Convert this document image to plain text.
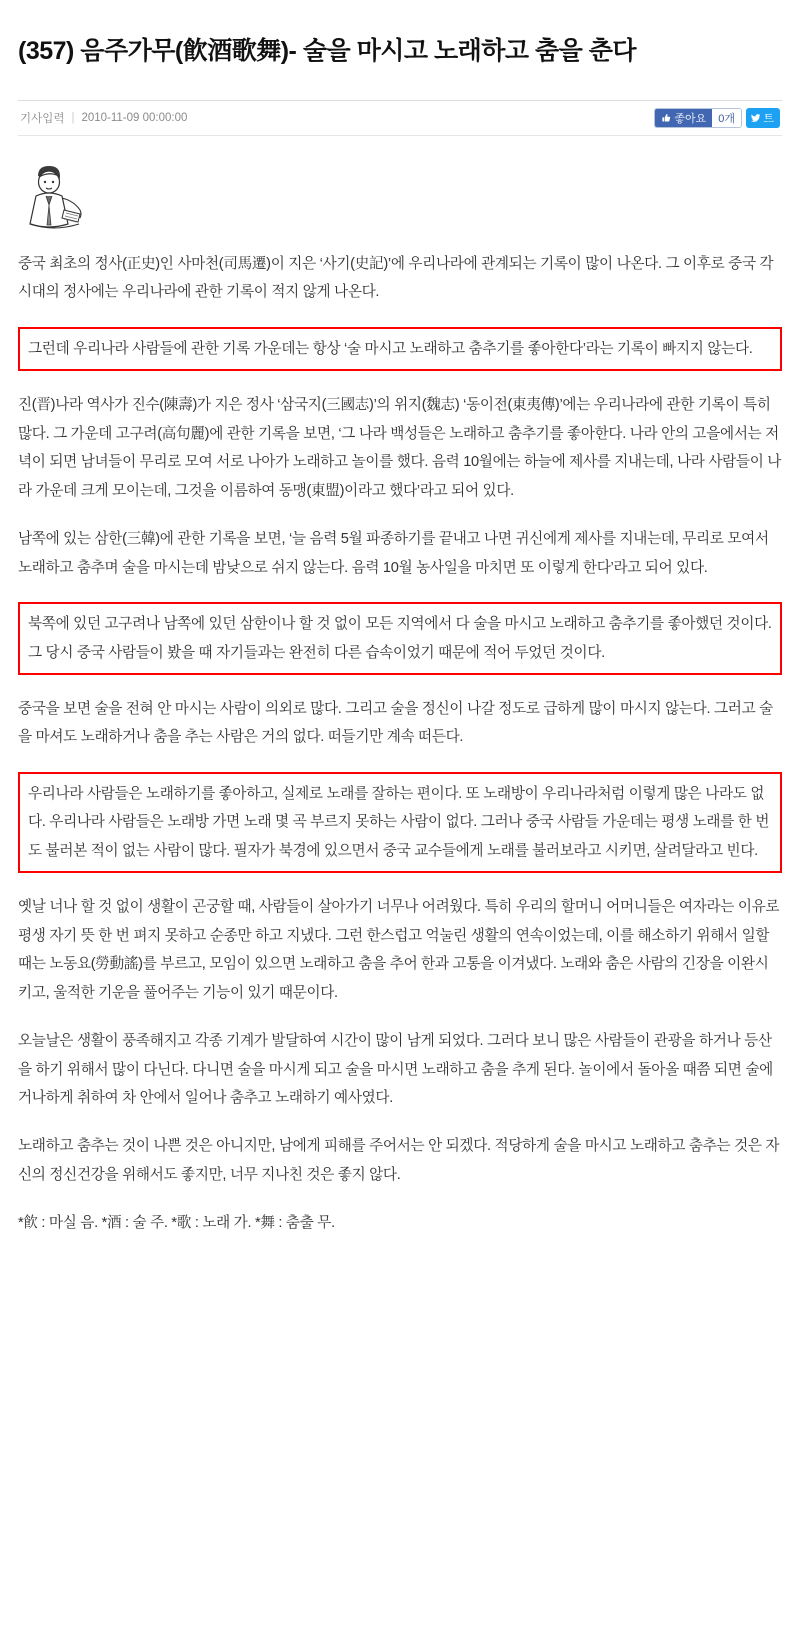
(357) 음주가무(飮酒歌舞)- 술을 마시고 노래하고 춤을 춘다
기사입력 | 2010-11-09 00:00:00	좋아요	0개	트

중국 최초의 정사(正史)인 사마천(司馬遷)이 지은 ‘사기(史記)’에 우리나라에 관계되는 기록이 많이 나온다. 그 이후로 중국 각 시대의 정사에는 우리나라에 관한 기록이 적지 않게 나온다.

그런데 우리나라 사람들에 관한 기록 가운데는 항상 ‘술 마시고 노래하고 춤추기를 좋아한다’라는 기록이 빠지지 않는다.

진(晋)나라 역사가 진수(陳壽)가 지은 정사 ‘삼국지(三國志)’의 위지(魏志) ‘동이전(東夷傳)’에는 우리나라에 관한 기록이 특히 많다. 그 가운데 고구려(高句麗)에 관한 기록을 보면, ‘그 나라 백성들은 노래하고 춤추기를 좋아한다. 나라 안의 고을에서는 저녁이 되면 남녀들이 무리로 모여 서로 나아가 노래하고 놀이를 했다. 음력 10월에는 하늘에 제사를 지내는데, 나라 사람들이 나라 가운데 크게 모이는데, 그것을 이름하여 동맹(東盟)이라고 했다’라고 되어 있다.

남쪽에 있는 삼한(三韓)에 관한 기록을 보면, ‘늘 음력 5월 파종하기를 끝내고 나면 귀신에게 제사를 지내는데, 무리로 모여서 노래하고 춤추며 술을 마시는데 밤낮으로 쉬지 않는다. 음력 10월 농사일을 마치면 또 이렇게 한다’라고 되어 있다.

북쪽에 있던 고구려나 남쪽에 있던 삼한이나 할 것 없이 모든 지역에서 다 술을 마시고 노래하고 춤추기를 좋아했던 것이다. 그 당시 중국 사람들이 봤을 때 자기들과는 완전히 다른 습속이었기 때문에 적어 두었던 것이다.

중국을 보면 술을 전혀 안 마시는 사람이 의외로 많다. 그리고 술을 정신이 나갈 정도로 급하게 많이 마시지 않는다. 그러고 술을 마셔도 노래하거나 춤을 추는 사람은 거의 없다. 떠들기만 계속 떠든다.

우리나라 사람들은 노래하기를 좋아하고, 실제로 노래를 잘하는 편이다. 또 노래방이 우리나라처럼 이렇게 많은 나라도 없다. 우리나라 사람들은 노래방 가면 노래 몇 곡 부르지 못하는 사람이 없다. 그러나 중국 사람들 가운데는 평생 노래를 한 번도 불러본 적이 없는 사람이 많다. 필자가 북경에 있으면서 중국 교수들에게 노래를 불러보라고 시키면, 살려달라고 빈다.

옛날 너나 할 것 없이 생활이 곤궁할 때, 사람들이 살아가기 너무나 어려웠다. 특히 우리의 할머니 어머니들은 여자라는 이유로 평생 자기 뜻 한 번 펴지 못하고 순종만 하고 지냈다. 그런 한스럽고 억눌린 생활의 연속이었는데, 이를 해소하기 위해서 일할 때는 노동요(勞動謠)를 부르고, 모임이 있으면 노래하고 춤을 추어 한과 고통을 이겨냈다. 노래와 춤은 사람의 긴장을 이완시키고, 울적한 기운을 풀어주는 기능이 있기 때문이다.

오늘날은 생활이 풍족해지고 각종 기계가 발달하여 시간이 많이 남게 되었다. 그러다 보니 많은 사람들이 관광을 하거나 등산을 하기 위해서 많이 다닌다. 다니면 술을 마시게 되고 술을 마시면 노래하고 춤을 추게 된다. 놀이에서 돌아올 때쯤 되면 술에 거나하게 취하여 차 안에서 일어나 춤추고 노래하기 예사였다.

노래하고 춤추는 것이 나쁜 것은 아니지만, 남에게 피해를 주어서는 안 되겠다. 적당하게 술을 마시고 노래하고 춤추는 것은 자신의 정신건강을 위해서도 좋지만, 너무 지나친 것은 좋지 않다.

*飮 : 마실 음. *酒 : 술 주. *歌 : 노래 가. *舞 : 춤출 무.
